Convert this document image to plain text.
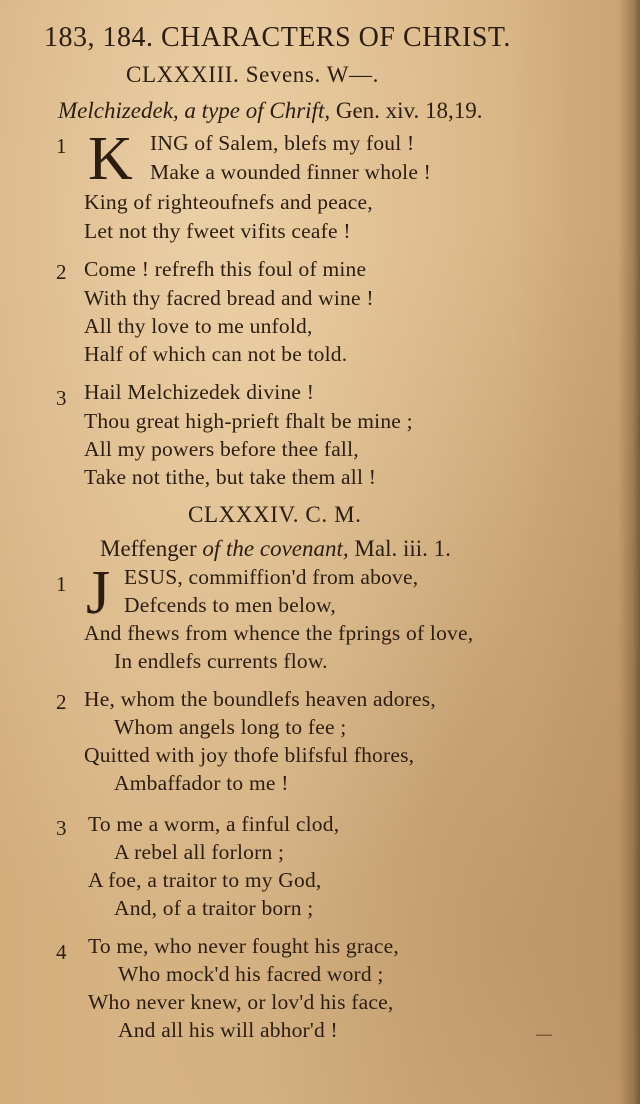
183, 184. CHARACTERS OF CHRIST.
CLXXXIII. Sevens. W—.
Melchizedek, a type of Chrift, Gen. xiv. 18,19.
1 K ING of Salem, blefs my foul !
Make a wounded finner whole !
King of righteoufnefs and peace,
Let not thy fweet vifits ceafe !
2 Come ! refrefh this foul of mine
With thy facred bread and wine !
All thy love to me unfold,
Half of which can not be told.
3 Hail Melchizedek divine !
Thou great high-prieft fhalt be mine ;
All my powers before thee fall,
Take not tithe, but take them all !
CLXXXIV. C. M.
Meffenger of the covenant, Mal. iii. 1.
1 J ESUS, commiffion'd from above,
Defcends to men below,
And fhews from whence the fprings of love,
In endlefs currents flow.
2 He, whom the boundlefs heaven adores,
Whom angels long to fee ;
Quitted with joy thofe blifsful fhores,
Ambaffador to me !
3 To me a worm, a finful clod,
A rebel all forlorn ;
A foe, a traitor to my God,
And, of a traitor born ;
4 To me, who never fought his grace,
Who mock'd his facred word ;
Who never knew, or lov'd his face,
And all his will abhor'd !	—
